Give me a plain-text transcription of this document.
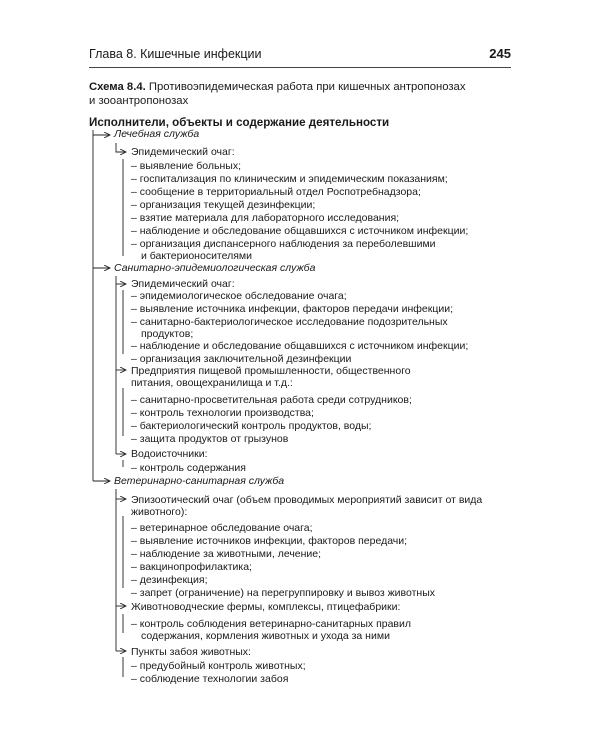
Глава 8. Кишечные инфекции	245
Схема 8.4. Противоэпидемическая работа при кишечных антропонозах
и зооантропонозах
Исполнители, объекты и содержание деятельности
Лечебная служба
Эпидемический очаг:
– выявление больных;
– госпитализация по клиническим и эпидемическим показаниям;
– сообщение в территориальный отдел Роспотребнадзора;
– организация текущей дезинфекции;
– взятие материала для лабораторного исследования;
– наблюдение и обследование общавшихся с источником инфекции;
– организация диспансерного наблюдения за переболевшими
и бактерионосителями
Санитарно-эпидемиологическая служба
Эпидемический очаг:
– эпидемиологическое обследование очага;
– выявление источника инфекции, факторов передачи инфекции;
– санитарно-бактериологическое исследование подозрительных
продуктов;
– наблюдение и обследование общавшихся с источником инфекции;
– организация заключительной дезинфекции
Предприятия пищевой промышленности, общественного
питания, овощехранилища и т.д.:
– санитарно-просветительная работа среди сотрудников;
– контроль технологии производства;
– бактериологический контроль продуктов, воды;
– защита продуктов от грызунов
Водоисточники:
– контроль содержания
Ветеринарно-санитарная служба
Эпизоотический очаг (объем проводимых мероприятий зависит от вида
животного):
– ветеринарное обследование очага;
– выявление источников инфекции, факторов передачи;
– наблюдение за животными, лечение;
– вакцинопрофилактика;
– дезинфекция;
– запрет (ограничение) на перегруппировку и вывоз животных
Животноводческие фермы, комплексы, птицефабрики:
– контроль соблюдения ветеринарно-санитарных правил
содержания, кормления животных и ухода за ними
Пункты забоя животных:
– предубойный контроль животных;
– соблюдение технологии забоя
